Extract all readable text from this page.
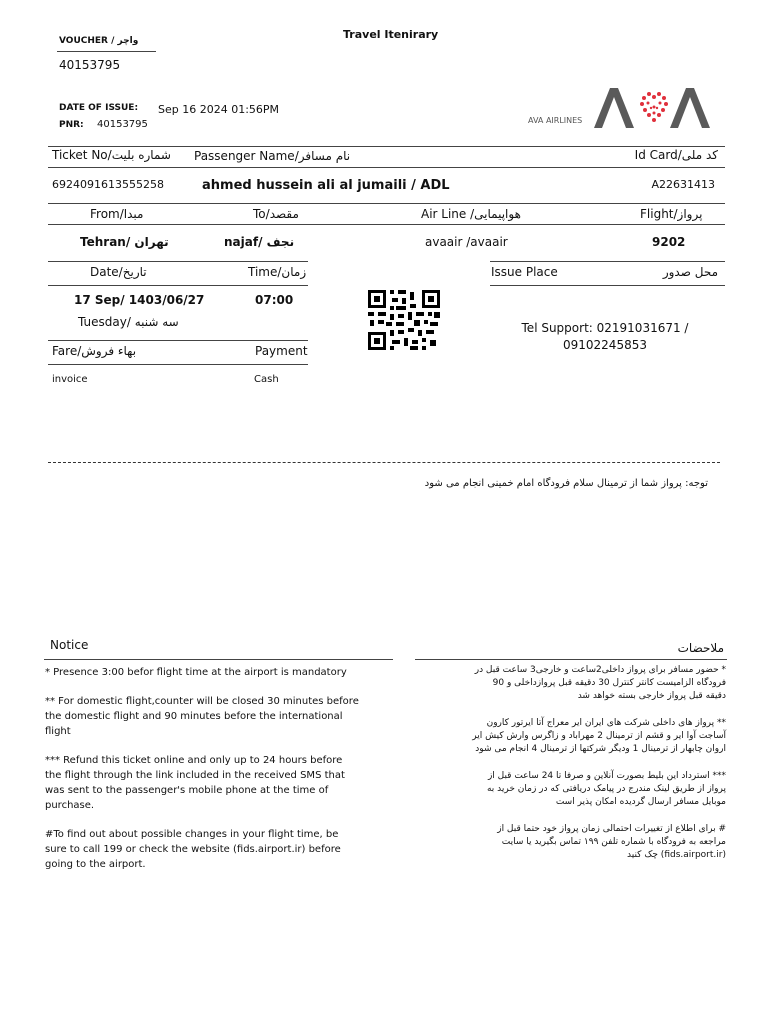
Travel Itenirary
VOUCHER / واچر
40153795
DATE OF ISSUE: Sep 16 2024 01:56PM
PNR: 40153795	AVA AIRLINES
Ticket No/شماره بلیت Passenger Name/نام مسافر	Id Card/کد ملی
6924091613555258	ahmed hussein ali al jumaili / ADL	A22631413
From/مبدا	To/مقصد	Air Line /هواپیمایی	Flight/پرواز
Tehran/ تهران	najaf/ نجف	avaair /avaair	9202
Date/تاریخ	Time/زمان	Issue Place	محل صدور
17 Sep/ 1403/06/27	07:00
Tuesday/ سه شنبه	Tel Support: 02191031671 / 09102245853
Fare/بهاء فروش	Payment
invoice	Cash
توجه: پرواز شما از ترمینال سلام فرودگاه امام خمینی انجام می شود
Notice	ملاحضات

* Presence 3:00 befor flight time at the airport is mandatory

** For domestic flight,counter will be closed 30 minutes before the domestic flight and 90 minutes before the international flight

*** Refund this ticket online and only up to 24 hours before the flight through the link included in the received SMS that was sent to the passenger's mobile phone at the time of purchase.

#To find out about possible changes in your flight time, be sure to call 199 or check the website (fids.airport.ir) before going to the airport.

* حضور مسافر برای پرواز داخلی2ساعت و خارجی3 ساعت قبل در فرودگاه الزامیست کانتر کنترل 30 دقیقه قبل پروازداخلی و 90 دقیقه قبل پرواز خارجی بسته خواهد شد

** پرواز های داخلی شرکت های ایران ایر معراج آتا ایرتور کارون آساجت آوا ایر و قشم از ترمینال 2 مهراباد و زاگرس وارش کیش ایر اروان چابهار از ترمینال 1 ودیگر شرکتها از ترمینال 4 انجام می شود

*** استرداد این بلیط بصورت آنلاین و صرفا تا 24 ساعت قبل از پرواز از طریق لینک مندرج در پیامک دریافتی که در زمان خرید به موبایل مسافر ارسال گردیده امکان پذیر است

# برای اطلاع از تغییرات احتمالی زمان پرواز خود حتما قبل از مراجعه به فرودگاه با شماره تلفن ۱۹۹ تماس بگیرید یا سایت (fids.airport.ir) چک کنید
